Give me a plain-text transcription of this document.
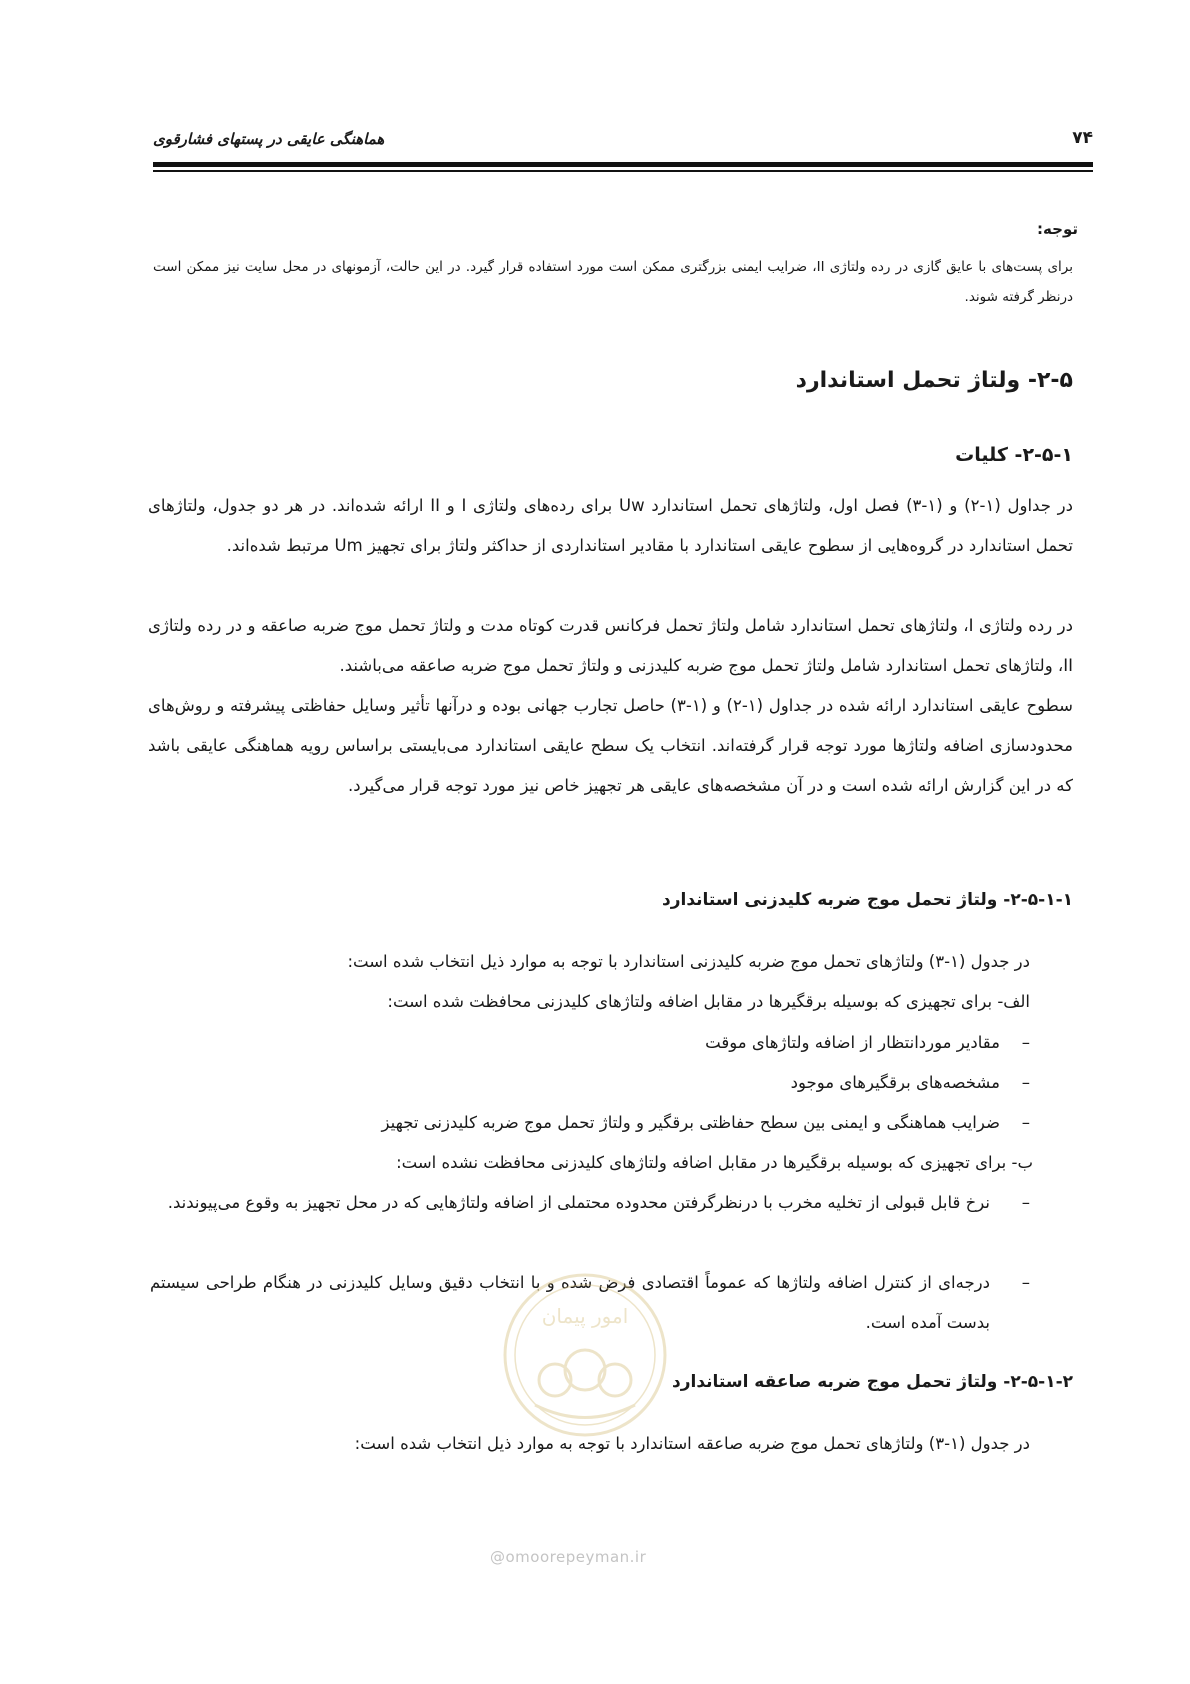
۷۴
هماهنگی عایقی در پستهای فشارقوی
توجه:
برای پست‌های با عایق گازی در رده ولتاژی II، ضرایب ایمنی بزرگتری ممکن است مورد استفاده قرار گیرد. در این حالت، آزمونهای در محل سایت نیز ممکن است درنظر گرفته شوند.
۲-۵- ولتاژ تحمل استاندارد
۲-۵-۱- کلیات
در جداول (۱-۲) و (۱-۳) فصل اول، ولتاژهای تحمل استاندارد Uw برای رده‌های ولتاژی I و II ارائه شده‌اند. در هر دو جدول، ولتاژهای تحمل استاندارد در گروه‌هایی از سطوح عایقی استاندارد با مقادیر استانداردی از حداکثر ولتاژ برای تجهیز Um مرتبط شده‌اند.
در رده ولتاژی I، ولتاژهای تحمل استاندارد شامل ولتاژ تحمل فرکانس قدرت کوتاه مدت و ولتاژ تحمل موج ضربه صاعقه و در رده ولتاژی II، ولتاژهای تحمل استاندارد شامل ولتاژ تحمل موج ضربه کلیدزنی و ولتاژ تحمل موج ضربه صاعقه می‌باشند.
سطوح عایقی استاندارد ارائه شده در جداول (۱-۲) و (۱-۳) حاصل تجارب جهانی بوده و درآنها تأثیر وسایل حفاظتی پیشرفته و روش‌های محدودسازی اضافه ولتاژها مورد توجه قرار گرفته‌اند. انتخاب یک سطح عایقی استاندارد می‌بایستی براساس رویه هماهنگی عایقی باشد که در این گزارش ارائه شده است و در آن مشخصه‌های عایقی هر تجهیز خاص نیز مورد توجه قرار می‌گیرد.
۲-۵-۱-۱- ولتاژ تحمل موج ضربه کلیدزنی استاندارد
در جدول (۱-۳) ولتاژهای تحمل موج ضربه کلیدزنی استاندارد با توجه به موارد ذیل انتخاب شده است:
الف- برای تجهیزی که بوسیله برقگیرها در مقابل اضافه ولتاژهای کلیدزنی محافظت شده است:
–مقادیر موردانتظار از اضافه ولتاژهای موقت
–مشخصه‌های برقگیرهای موجود
–ضرایب هماهنگی و ایمنی بین سطح حفاظتی برقگیر و ولتاژ تحمل موج ضربه کلیدزنی تجهیز
ب- برای تجهیزی که بوسیله برقگیرها در مقابل اضافه ولتاژهای کلیدزنی محافظت نشده است:
–
نرخ قابل قبولی از تخلیه مخرب با درنظرگرفتن محدوده محتملی از اضافه ولتاژهایی که در محل تجهیز به وقوع می‌پیوندند.
–
درجه‌ای از کنترل اضافه ولتاژها که عموماً اقتصادی فرض شده و با انتخاب دقیق وسایل کلیدزنی در هنگام طراحی سیستم بدست آمده است.
۲-۵-۱-۲- ولتاژ تحمل موج ضربه صاعقه استاندارد
در جدول (۱-۳) ولتاژهای تحمل موج ضربه صاعقه استاندارد با توجه به موارد ذیل انتخاب شده است:
امور پیمان
@omoorepeyman.ir
